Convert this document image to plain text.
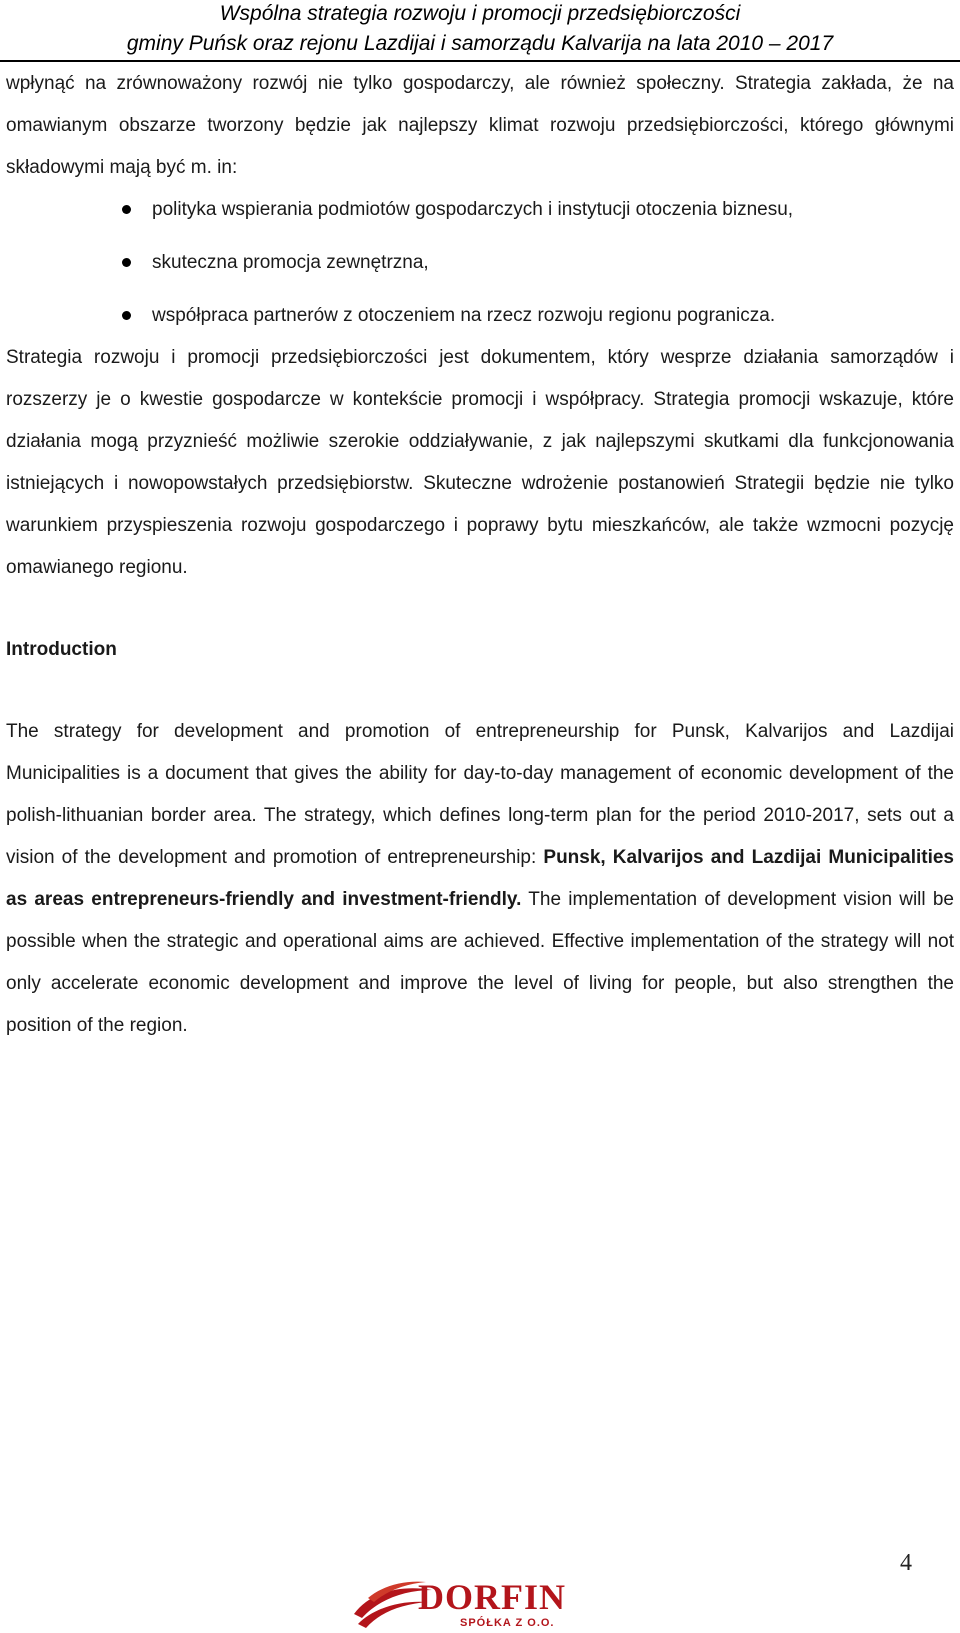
Wspólna strategia rozwoju i promocji przedsiębiorczości
gminy Puńsk oraz rejonu Lazdijai i samorządu Kalvarija na lata 2010 – 2017

wpłynąć na zrównoważony rozwój nie tylko gospodarczy, ale również społeczny. Strategia zakłada, że na omawianym obszarze tworzony będzie jak najlepszy klimat rozwoju przedsiębiorczości, którego głównymi składowymi mają być m. in:

polityka wspierania podmiotów gospodarczych i instytucji otoczenia biznesu,
skuteczna promocja zewnętrzna,
współpraca partnerów z otoczeniem na rzecz rozwoju regionu pogranicza.

Strategia rozwoju i promocji przedsiębiorczości jest dokumentem, który wesprze działania samorządów i rozszerzy je o kwestie gospodarcze w kontekście promocji i współpracy. Strategia promocji wskazuje, które działania mogą przyznieść możliwie szerokie oddziaływanie, z jak najlepszymi skutkami dla funkcjonowania istniejących i nowopowstałych przedsiębiorstw. Skuteczne wdrożenie postanowień Strategii będzie nie tylko warunkiem przyspieszenia rozwoju gospodarczego i poprawy bytu mieszkańców, ale także wzmocni pozycję omawianego regionu.

Introduction

The strategy for development and promotion of entrepreneurship for Punsk, Kalvarijos and Lazdijai Municipalities is a document that gives the ability for day-to-day management of economic development of the polish-lithuanian border area. The strategy, which defines long-term plan for the period 2010-2017, sets out a vision of the development and promotion of entrepreneurship: Punsk, Kalvarijos and Lazdijai Municipalities as areas entrepreneurs-friendly and investment-friendly. The implementation of development vision will be possible when the strategic and operational aims are achieved. Effective implementation of the strategy will not only accelerate economic development and improve the level of living for people, but also strengthen the position of the region.

4
DORFIN
SPÓŁKA Z O.O.
